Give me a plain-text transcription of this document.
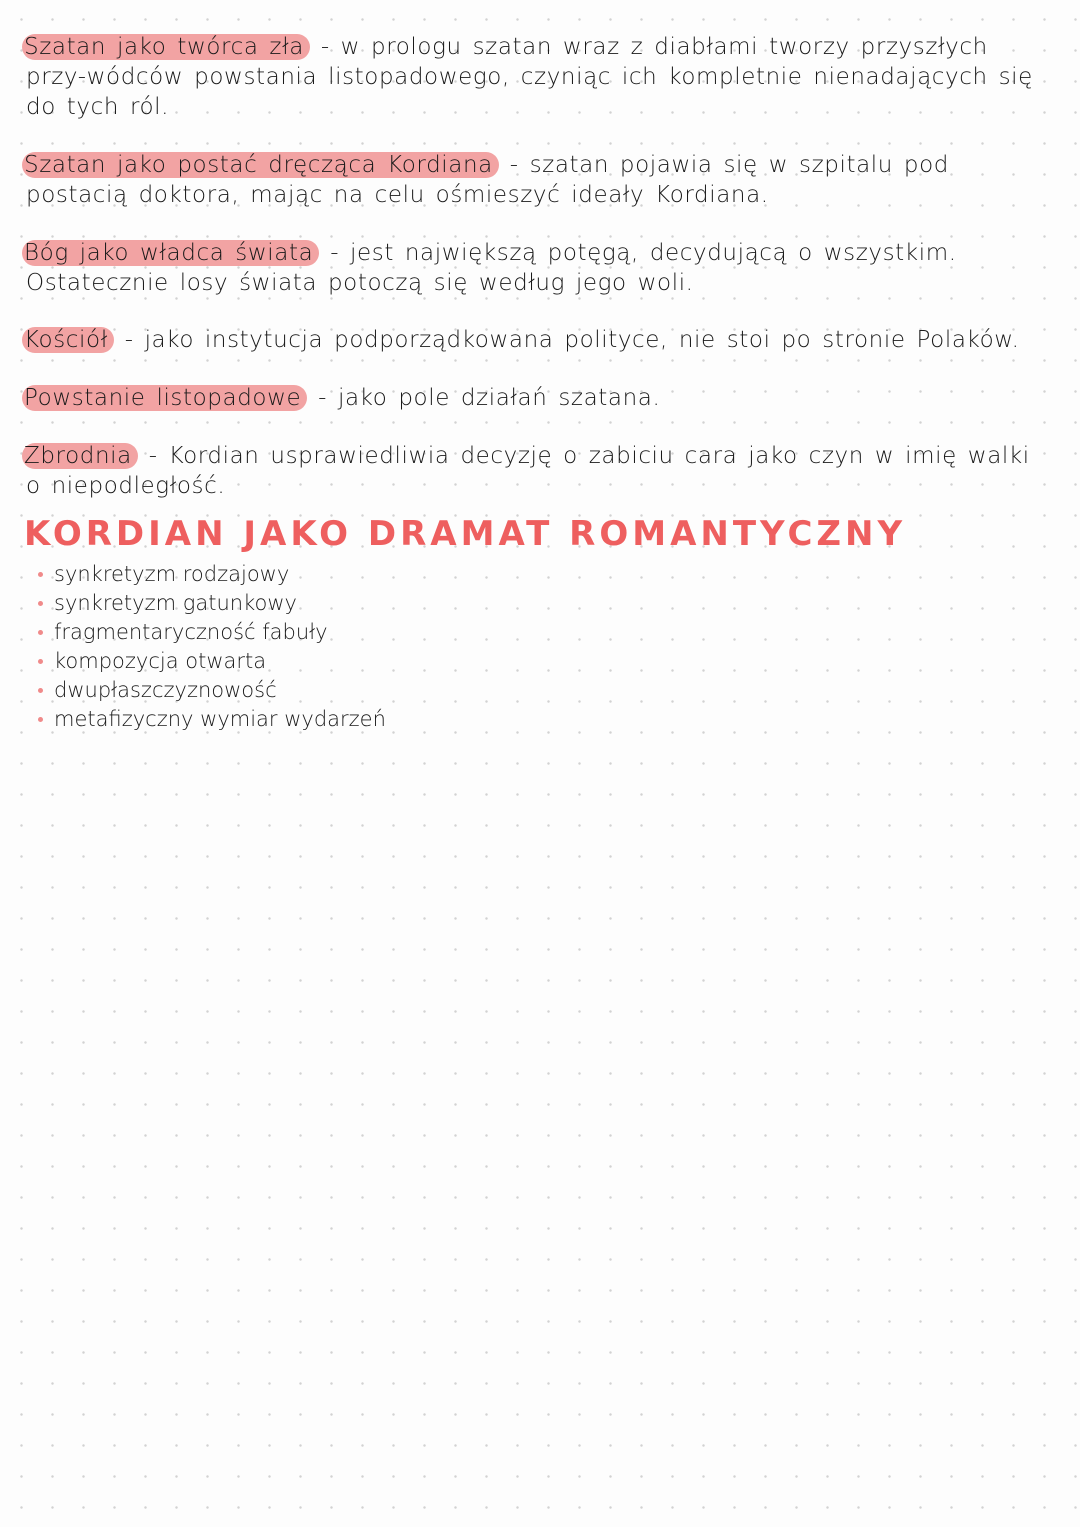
Szatan jako twórca zła - w prologu szatan wraz z diabłami tworzy przyszłych przy-wódców powstania listopadowego, czyniąc ich kompletnie nienadających się do tych ról.
Szatan jako postać dręcząca Kordiana - szatan pojawia się w szpitalu pod postacią doktora, mając na celu ośmieszyć ideały Kordiana.
Bóg jako władca świata - jest największą potęgą, decydującą o wszystkim. Ostatecznie losy świata potoczą się według jego woli.
Kościół - jako instytucja podporządkowana polityce, nie stoi po stronie Polaków.
Powstanie listopadowe - jako pole działań szatana.
Zbrodnia - Kordian usprawiedliwia decyzję o zabiciu cara jako czyn w imię walki o niepodległość.
KORDIAN JAKO DRAMAT ROMANTYCZNY
synkretyzm rodzajowy
synkretyzm gatunkowy
fragmentaryczność fabuły
kompozycja otwarta
dwupłaszczyznowość
metafizyczny wymiar wydarzeń
